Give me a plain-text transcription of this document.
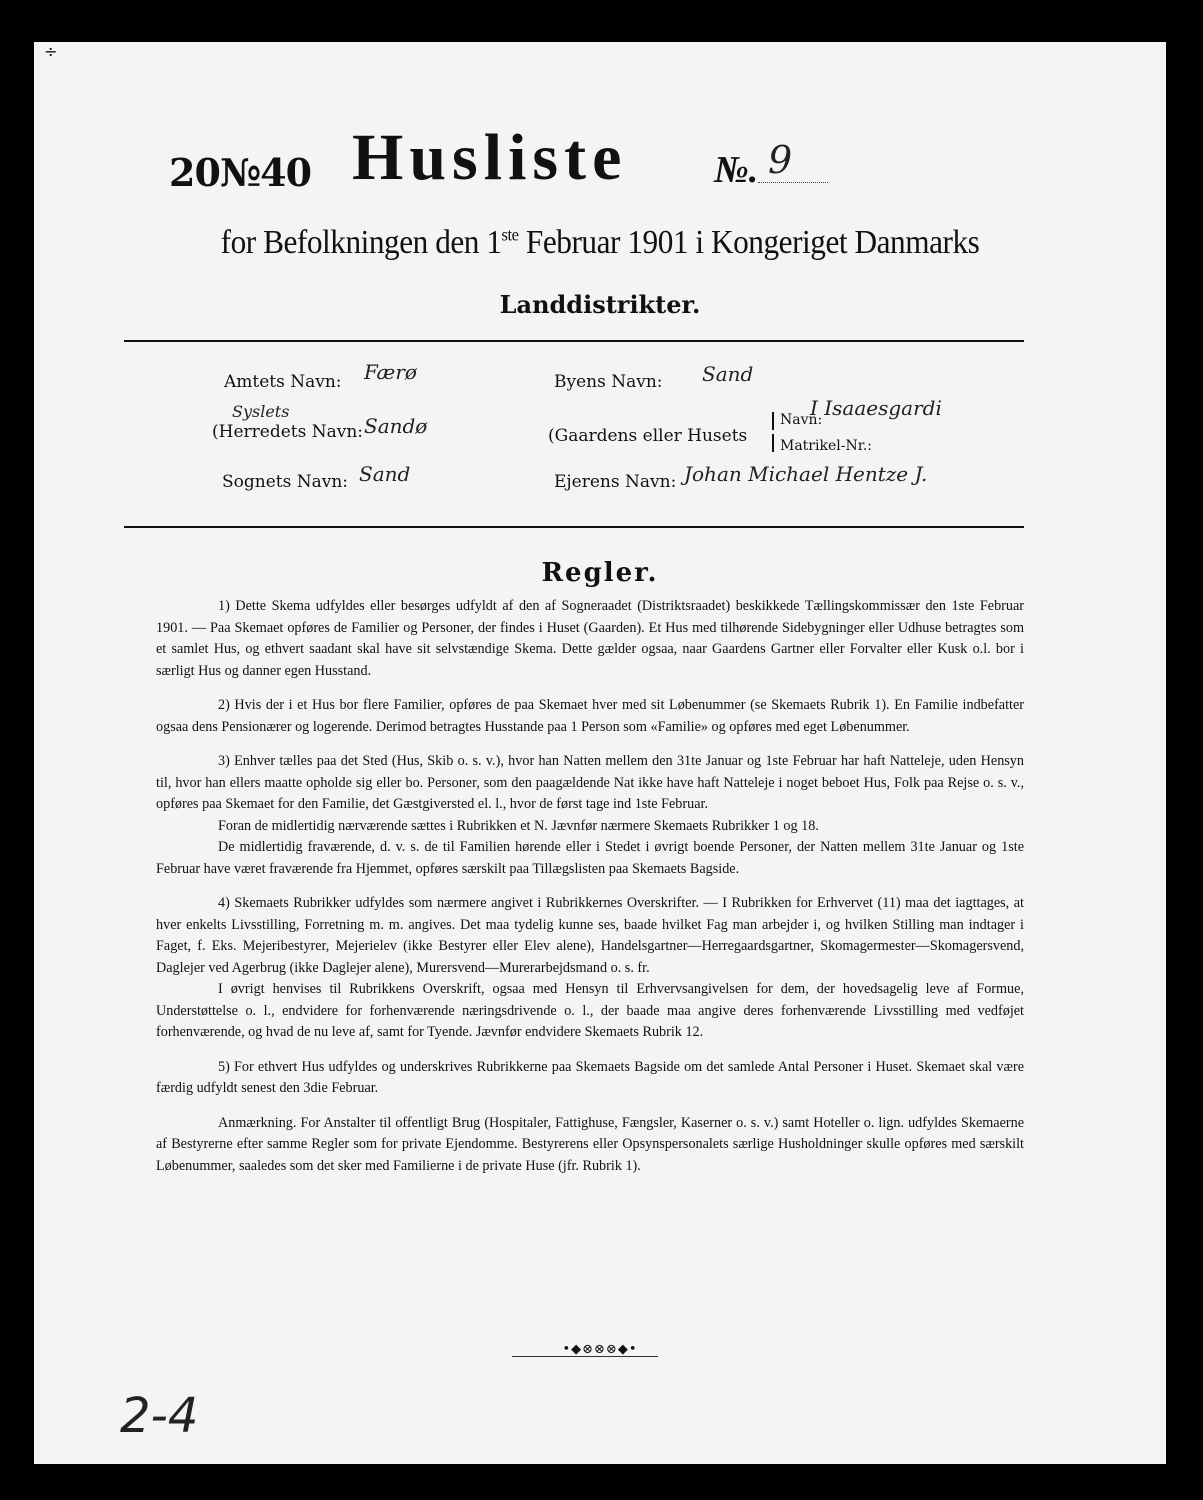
÷
20№40 Husliste №. 9
for Befolkningen den 1ste Februar 1901 i Kongeriget Danmarks
Landdistrikter.
Amtets Navn: Færø
Syslets
(Herredets Navn: Sandø
Sognets Navn: Sand
Byens Navn: Sand
(Gaardens eller Husets
Navn:
I Isaaesgardi
Matrikel-Nr.:
Ejerens Navn: Johan Michael Hentze J.
Regler.

1) Dette Skema udfyldes eller besørges udfyldt af den af Sogneraadet (Distriktsraadet) beskikkede Tællingskommissær den 1ste Februar 1901. — Paa Skemaet opføres de Familier og Personer, der findes i Huset (Gaarden). Et Hus med tilhørende Sidebygninger eller Udhuse betragtes som et samlet Hus, og ethvert saadant skal have sit selvstændige Skema. Dette gælder ogsaa, naar Gaardens Gartner eller Forvalter eller Kusk o.l. bor i særligt Hus og danner egen Husstand.

2) Hvis der i et Hus bor flere Familier, opføres de paa Skemaet hver med sit Løbenummer (se Skemaets Rubrik 1). En Familie indbefatter ogsaa dens Pensionærer og logerende. Derimod betragtes Husstande paa 1 Person som «Familie» og opføres med eget Løbenummer.

3) Enhver tælles paa det Sted (Hus, Skib o. s. v.), hvor han Natten mellem den 31te Januar og 1ste Februar har haft Natteleje, uden Hensyn til, hvor han ellers maatte opholde sig eller bo. Personer, som den paagældende Nat ikke have haft Natteleje i noget beboet Hus, Folk paa Rejse o. s. v., opføres paa Skemaet for den Familie, det Gæstgiversted el. l., hvor de først tage ind 1ste Februar.

Foran de midlertidig nærværende sættes i Rubrikken et N. Jævnfør nærmere Skemaets Rubrikker 1 og 18.

De midlertidig fraværende, d. v. s. de til Familien hørende eller i Stedet i øvrigt boende Personer, der Natten mellem 31te Januar og 1ste Februar have været fraværende fra Hjemmet, opføres særskilt paa Tillægslisten paa Skemaets Bagside.

4) Skemaets Rubrikker udfyldes som nærmere angivet i Rubrikkernes Overskrifter. — I Rubrikken for Erhvervet (11) maa det iagttages, at hver enkelts Livsstilling, Forretning m. m. angives. Det maa tydelig kunne ses, baade hvilket Fag man arbejder i, og hvilken Stilling man indtager i Faget, f. Eks. Mejeribestyrer, Mejerielev (ikke Bestyrer eller Elev alene), Handelsgartner—Herregaardsgartner, Skomagermester—Skomagersvend, Daglejer ved Agerbrug (ikke Daglejer alene), Murersvend—Murerarbejdsmand o. s. fr.

I øvrigt henvises til Rubrikkens Overskrift, ogsaa med Hensyn til Erhvervsangivelsen for dem, der hovedsagelig leve af Formue, Understøttelse o. l., endvidere for forhenværende næringsdrivende o. l., der baade maa angive deres forhenværende Livsstilling med vedføjet forhenværende, og hvad de nu leve af, samt for Tyende. Jævnfør endvidere Skemaets Rubrik 12.

5) For ethvert Hus udfyldes og underskrives Rubrikkerne paa Skemaets Bagside om det samlede Antal Personer i Huset. Skemaet skal være færdig udfyldt senest den 3die Februar.

Anmærkning. For Anstalter til offentligt Brug (Hospitaler, Fattighuse, Fængsler, Kaserner o. s. v.) samt Hoteller o. lign. udfyldes Skemaerne af Bestyrerne efter samme Regler som for private Ejendomme. Bestyrerens eller Opsynspersonalets særlige Husholdninger skulle opføres med særskilt Løbenummer, saaledes som det sker med Familierne i de private Huse (jfr. Rubrik 1).

•◆⊗⊗⊗◆•
2-4
